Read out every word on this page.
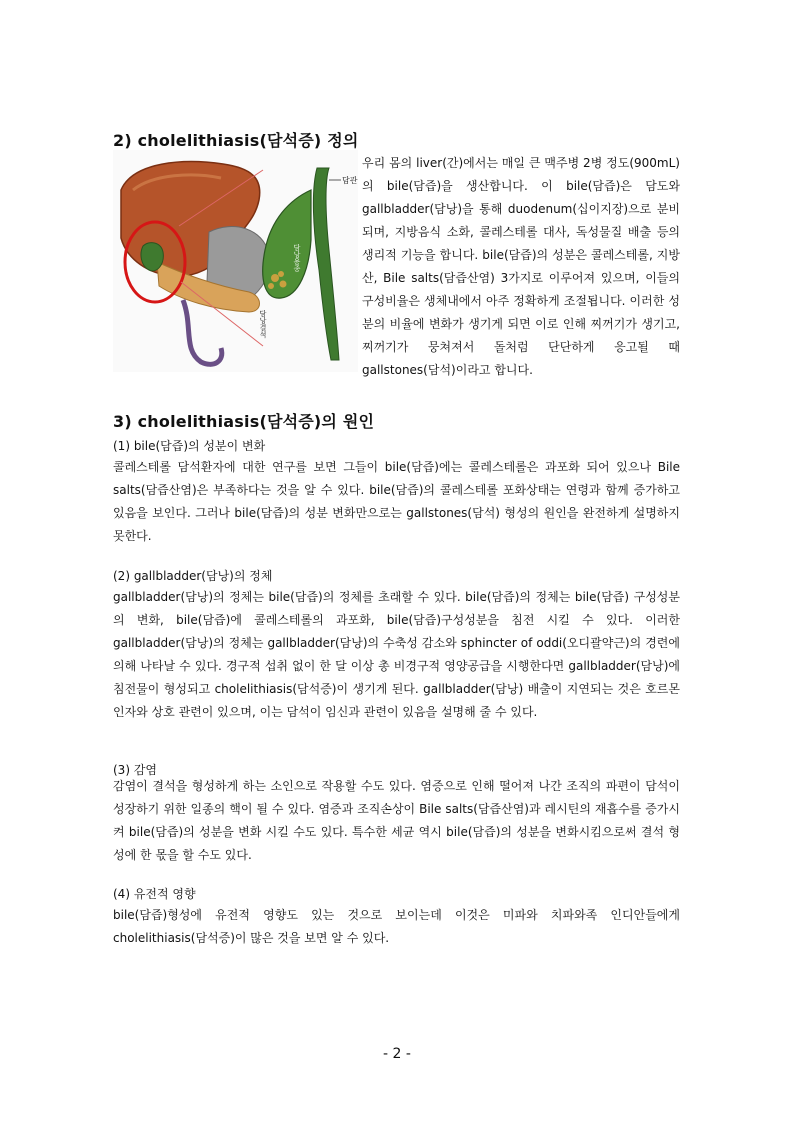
2) cholelithiasis(담석증) 정의
담관
담낭용종
담낭결석
우리 몸의 liver(간)에서는 매일 큰 맥주병 2병 정도(900mL)의 bile(담즙)을 생산합니다. 이 bile(담즙)은 담도와 gallbladder(담낭)을 통해 duodenum(십이지장)으로 분비되며, 지방음식 소화, 콜레스테롤 대사, 독성물질 배출 등의 생리적 기능을 합니다. bile(담즙)의 성분은 콜레스테롤, 지방산, Bile salts(담즙산염) 3가지로 이루어져 있으며, 이들의 구성비율은 생체내에서 아주 정확하게 조절됩니다. 이러한 성분의 비율에 변화가 생기게 되면 이로 인해 찌꺼기가 생기고, 찌꺼기가 뭉쳐져서 돌처럼 단단하게 응고될 때 gallstones(담석)이라고 합니다.
3) cholelithiasis(담석증)의 원인
(1) bile(담즙)의 성분이 변화
콜레스테롤 담석환자에 대한 연구를 보면 그들이 bile(담즙)에는 콜레스테롤은 과포화 되어 있으나 Bile salts(담즙산염)은 부족하다는 것을 알 수 있다. bile(담즙)의 콜레스테롤 포화상태는 연령과 함께 증가하고 있음을 보인다. 그러나 bile(담즙)의 성분 변화만으로는 gallstones(담석) 형성의 원인을 완전하게 설명하지 못한다.
(2) gallbladder(담낭)의 정체
gallbladder(담낭)의 정체는 bile(담즙)의 정체를 초래할 수 있다. bile(담즙)의 정체는 bile(담즙) 구성성분의 변화, bile(담즙)에 콜레스테롤의 과포화, bile(담즙)구성성분을 침전 시킬 수 있다. 이러한 gallbladder(담낭)의 정체는 gallbladder(담낭)의 수축성 감소와 sphincter of oddi(오디괄약근)의 경련에 의해 나타날 수 있다. 경구적 섭취 없이 한 달 이상 총 비경구적 영양공급을 시행한다면 gallbladder(담낭)에 침전물이 형성되고 cholelithiasis(담석증)이 생기게 된다. gallbladder(담낭) 배출이 지연되는 것은 호르몬 인자와 상호 관련이 있으며, 이는 담석이 임신과 관련이 있음을 설명해 줄 수 있다.
(3) 감염
감염이 결석을 형성하게 하는 소인으로 작용할 수도 있다. 염증으로 인해 떨어져 나간 조직의 파편이 담석이 성장하기 위한 일종의 핵이 될 수 있다. 염증과 조직손상이 Bile salts(담즙산염)과 레시틴의 재흡수를 증가시켜 bile(담즙)의 성분을 변화 시킬 수도 있다. 특수한 세균 역시 bile(담즙)의 성분을 변화시킴으로써 결석 형성에 한 몫을 할 수도 있다.
(4) 유전적 영향
bile(담즙)형성에 유전적 영향도 있는 것으로 보이는데 이것은 미파와 치파와족 인디안들에게 cholelithiasis(담석증)이 많은 것을 보면 알 수 있다.
- 2 -
